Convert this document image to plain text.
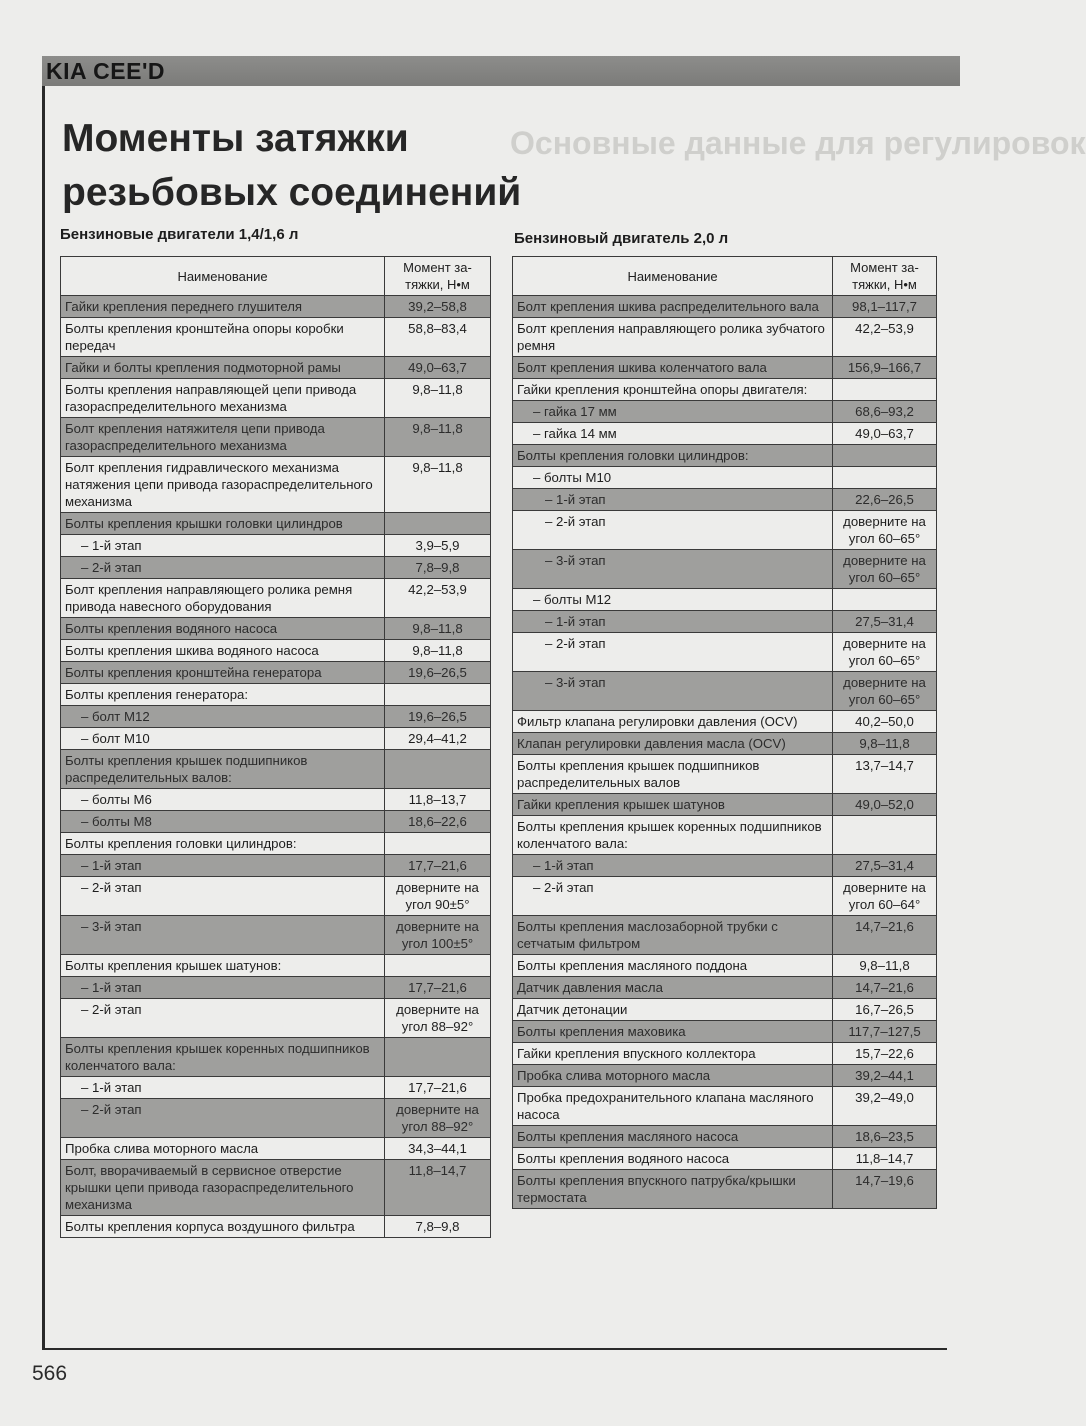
KIA CEE'D
Основные данные для регулировок
Моменты затяжки
резьбовых соединений
Бензиновые двигатели 1,4/1,6 л	Бензиновый двигатель 2,0 л
Наименование	Момент за-тяжки, Н•м
Гайки крепления переднего глушителя	39,2–58,8
Болты крепления кронштейна опоры коробки передач	58,8–83,4
Гайки и болты крепления подмоторной рамы	49,0–63,7
Болты крепления направляющей цепи привода газораспределительного механизма	9,8–11,8
Болт крепления натяжителя цепи привода газораспределительного механизма	9,8–11,8
Болт крепления гидравлического механизма натяжения цепи привода газораспределительного механизма	9,8–11,8
Болты крепления крышки головки цилиндров	
– 1-й этап	3,9–5,9
– 2-й этап	7,8–9,8
Болт крепления направляющего ролика ремня привода навесного оборудования	42,2–53,9
Болты крепления водяного насоса	9,8–11,8
Болты крепления шкива водяного насоса	9,8–11,8
Болты крепления кронштейна генератора	19,6–26,5
Болты крепления генератора:	
– болт М12	19,6–26,5
– болт М10	29,4–41,2
Болты крепления крышек подшипников распределительных валов:	
– болты М6	11,8–13,7
– болты М8	18,6–22,6
Болты крепления головки цилиндров:	
– 1-й этап	17,7–21,6
– 2-й этап	доверните на угол 90±5°
– 3-й этап	доверните на угол 100±5°
Болты крепления крышек шатунов:	
– 1-й этап	17,7–21,6
– 2-й этап	доверните на угол 88–92°
Болты крепления крышек коренных подшипников коленчатого вала:	
– 1-й этап	17,7–21,6
– 2-й этап	доверните на угол 88–92°
Пробка слива моторного масла	34,3–44,1
Болт, вворачиваемый в сервисное отверстие крышки цепи привода газораспределительного механизма	11,8–14,7
Болты крепления корпуса воздушного фильтра	7,8–9,8
Наименование	Момент за-тяжки, Н•м
Болт крепления шкива распределительного вала	98,1–117,7
Болт крепления направляющего ролика зубчатого ремня	42,2–53,9
Болт крепления шкива коленчатого вала	156,9–166,7
Гайки крепления кронштейна опоры двигателя:	
– гайка 17 мм	68,6–93,2
– гайка 14 мм	49,0–63,7
Болты крепления головки цилиндров:	
– болты М10	
– 1-й этап	22,6–26,5
– 2-й этап	доверните на угол 60–65°
– 3-й этап	доверните на угол 60–65°
– болты М12	
– 1-й этап	27,5–31,4
– 2-й этап	доверните на угол 60–65°
– 3-й этап	доверните на угол 60–65°
Фильтр клапана регулировки давления (OCV)	40,2–50,0
Клапан регулировки давления масла (OCV)	9,8–11,8
Болты крепления крышек подшипников распределительных валов	13,7–14,7
Гайки крепления крышек шатунов	49,0–52,0
Болты крепления крышек коренных подшипников коленчатого вала:	
– 1-й этап	27,5–31,4
– 2-й этап	доверните на угол 60–64°
Болты крепления маслозаборной трубки с сетчатым фильтром	14,7–21,6
Болты крепления масляного поддона	9,8–11,8
Датчик давления масла	14,7–21,6
Датчик детонации	16,7–26,5
Болты крепления маховика	117,7–127,5
Гайки крепления впускного коллектора	15,7–22,6
Пробка слива моторного масла	39,2–44,1
Пробка предохранительного клапана масляного насоса	39,2–49,0
Болты крепления масляного насоса	18,6–23,5
Болты крепления водяного насоса	11,8–14,7
Болты крепления впускного патрубка/крышки термостата	14,7–19,6
566
